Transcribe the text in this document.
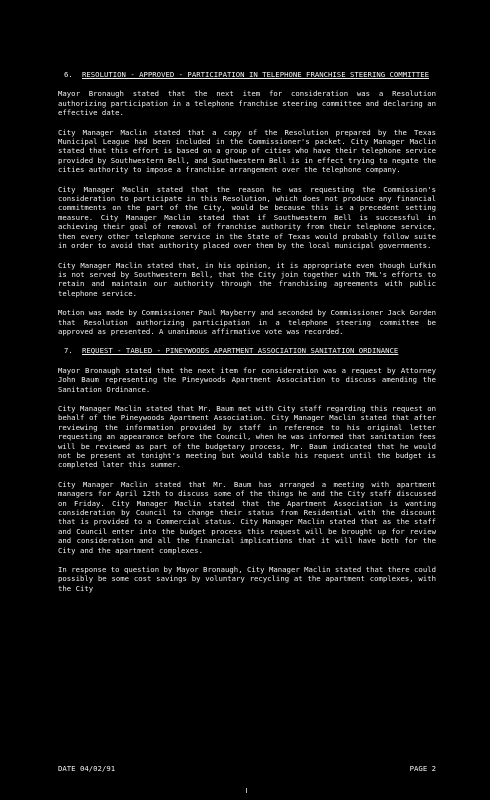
6. RESOLUTION - APPROVED - PARTICIPATION IN TELEPHONE FRANCHISE STEERING COMMITTEE

Mayor Bronaugh stated that the next item for consideration was a Resolution authorizing participation in a telephone franchise steering committee and declaring an effective date.

City Manager Maclin stated that a copy of the Resolution prepared by the Texas Municipal League had been included in the Commissioner's packet. City Manager Maclin stated that this effort is based on a group of cities who have their telephone service provided by Southwestern Bell, and Southwestern Bell is in effect trying to negate the cities authority to impose a franchise arrangement over the telephone company.

City Manager Maclin stated that the reason he was requesting the Commission's consideration to participate in this Resolution, which does not produce any financial commitments on the part of the City, would be because this is a precedent setting measure. City Manager Maclin stated that if Southwestern Bell is successful in achieving their goal of removal of franchise authority from their telephone service, then every other telephone service in the State of Texas would probably follow suite in order to avoid that authority placed over them by the local municipal governments.

City Manager Maclin stated that, in his opinion, it is appropriate even though Lufkin is not served by Southwestern Bell, that the City join together with TML's efforts to retain and maintain our authority through the franchising agreements with public telephone service.

Motion was made by Commissioner Paul Mayberry and seconded by Commissioner Jack Gorden that Resolution authorizing participation in a telephone steering committee be approved as presented. A unanimous affirmative vote was recorded.

7. REQUEST - TABLED - PINEYWOODS APARTMENT ASSOCIATION SANITATION ORDINANCE

Mayor Bronaugh stated that the next item for consideration was a request by Attorney John Baum representing the Pineywoods Apartment Association to discuss amending the Sanitation Ordinance.

City Manager Maclin stated that Mr. Baum met with City staff regarding this request on behalf of the Pineywoods Apartment Association. City Manager Maclin stated that after reviewing the information provided by staff in reference to his original letter requesting an appearance before the Council, when he was informed that sanitation fees will be reviewed as part of the budgetary process, Mr. Baum indicated that he would not be present at tonight's meeting but would table his request until the budget is completed later this summer.

City Manager Maclin stated that Mr. Baum has arranged a meeting with apartment managers for April 12th to discuss some of the things he and the City staff discussed on Friday. City Manager Maclin stated that the Apartment Association is wanting consideration by Council to change their status from Residential with the discount that is provided to a Commercial status. City Manager Maclin stated that as the staff and Council enter into the budget process this request will be brought up for review and consideration and all the financial implications that it will have both for the City and the apartment complexes.

In response to question by Mayor Bronaugh, City Manager Maclin stated that there could possibly be some cost savings by voluntary recycling at the apartment complexes, with the City

DATE 04/02/91	PAGE 2
